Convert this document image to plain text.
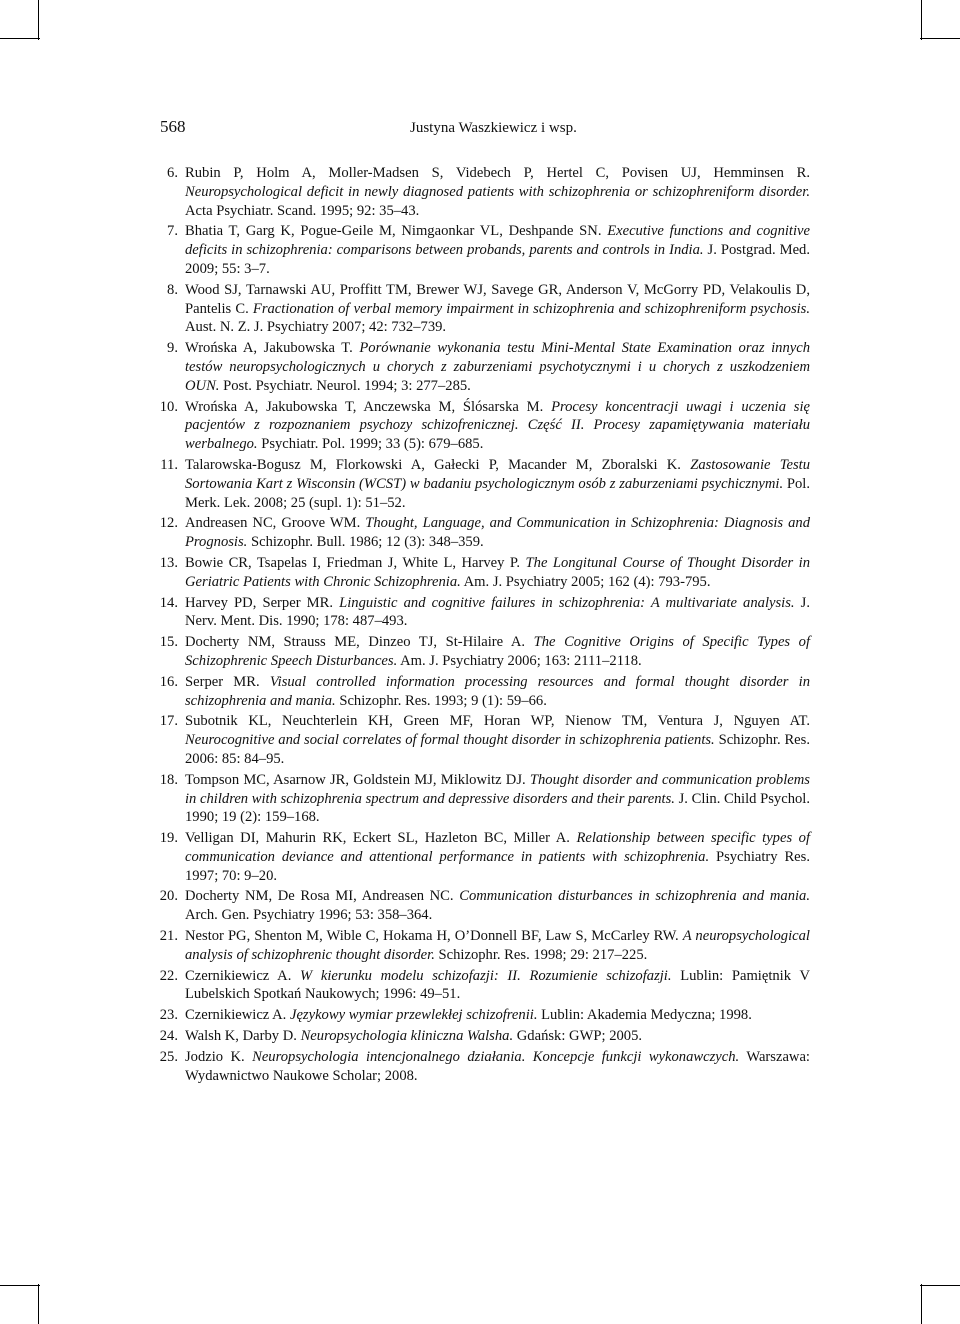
568	Justyna Waszkiewicz i wsp.
6. Rubin P, Holm A, Moller-Madsen S, Videbech P, Hertel C, Povisen UJ, Hemminsen R. Neuropsychological deficit in newly diagnosed patients with schizophrenia or schizophreniform disorder. Acta Psychiatr. Scand. 1995; 92: 35–43.
7. Bhatia T, Garg K, Pogue-Geile M, Nimgaonkar VL, Deshpande SN. Executive functions and cognitive deficits in schizophrenia: comparisons between probands, parents and controls in India. J. Postgrad. Med. 2009; 55: 3–7.
8. Wood SJ, Tarnawski AU, Proffitt TM, Brewer WJ, Savege GR, Anderson V, McGorry PD, Velakoulis D, Pantelis C. Fractionation of verbal memory impairment in schizophrenia and schizophreniform psychosis. Aust. N. Z. J. Psychiatry 2007; 42: 732–739.
9. Wrońska A, Jakubowska T. Porównanie wykonania testu Mini-Mental State Examination oraz innych testów neuropsychologicznych u chorych z zaburzeniami psychotycznymi i u chorych z uszkodzeniem OUN. Post. Psychiatr. Neurol. 1994; 3: 277–285.
10. Wrońska A, Jakubowska T, Anczewska M, Ślósarska M. Procesy koncentracji uwagi i uczenia się pacjentów z rozpoznaniem psychozy schizofrenicznej. Część II. Procesy zapamiętywania materiału werbalnego. Psychiatr. Pol. 1999; 33 (5): 679–685.
11. Talarowska-Bogusz M, Florkowski A, Gałecki P, Macander M, Zboralski K. Zastosowanie Testu Sortowania Kart z Wisconsin (WCST) w badaniu psychologicznym osób z zaburzeniami psychicznymi. Pol. Merk. Lek. 2008; 25 (supl. 1): 51–52.
12. Andreasen NC, Groove WM. Thought, Language, and Communication in Schizophrenia: Diagnosis and Prognosis. Schizophr. Bull. 1986; 12 (3): 348–359.
13. Bowie CR, Tsapelas I, Friedman J, White L, Harvey P. The Longitunal Course of Thought Disorder in Geriatric Patients with Chronic Schizophrenia. Am. J. Psychiatry 2005; 162 (4): 793-795.
14. Harvey PD, Serper MR. Linguistic and cognitive failures in schizophrenia: A multivariate analysis. J. Nerv. Ment. Dis. 1990; 178: 487–493.
15. Docherty NM, Strauss ME, Dinzeo TJ, St-Hilaire A. The Cognitive Origins of Specific Types of Schizophrenic Speech Disturbances. Am. J. Psychiatry 2006; 163: 2111–2118.
16. Serper MR. Visual controlled information processing resources and formal thought disorder in schizophrenia and mania. Schizophr. Res. 1993; 9 (1): 59–66.
17. Subotnik KL, Neuchterlein KH, Green MF, Horan WP, Nienow TM, Ventura J, Nguyen AT. Neurocognitive and social correlates of formal thought disorder in schizophrenia patients. Schizophr. Res. 2006: 85: 84–95.
18. Tompson MC, Asarnow JR, Goldstein MJ, Miklowitz DJ. Thought disorder and communication problems in children with schizophrenia spectrum and depressive disorders and their parents. J. Clin. Child Psychol. 1990; 19 (2): 159–168.
19. Velligan DI, Mahurin RK, Eckert SL, Hazleton BC, Miller A. Relationship between specific types of communication deviance and attentional performance in patients with schizophrenia. Psychiatry Res. 1997; 70: 9–20.
20. Docherty NM, De Rosa MI, Andreasen NC. Communication disturbances in schizophrenia and mania. Arch. Gen. Psychiatry 1996; 53: 358–364.
21. Nestor PG, Shenton M, Wible C, Hokama H, O’Donnell BF, Law S, McCarley RW. A neuropsychological analysis of schizophrenic thought disorder. Schizophr. Res. 1998; 29: 217–225.
22. Czernikiewicz A. W kierunku modelu schizofazji: II. Rozumienie schizofazji. Lublin: Pamiętnik V Lubelskich Spotkań Naukowych; 1996: 49–51.
23. Czernikiewicz A. Językowy wymiar przewlekłej schizofrenii. Lublin: Akademia Medyczna; 1998.
24. Walsh K, Darby D. Neuropsychologia kliniczna Walsha. Gdańsk: GWP; 2005.
25. Jodzio K. Neuropsychologia intencjonalnego działania. Koncepcje funkcji wykonawczych. Warszawa: Wydawnictwo Naukowe Scholar; 2008.
